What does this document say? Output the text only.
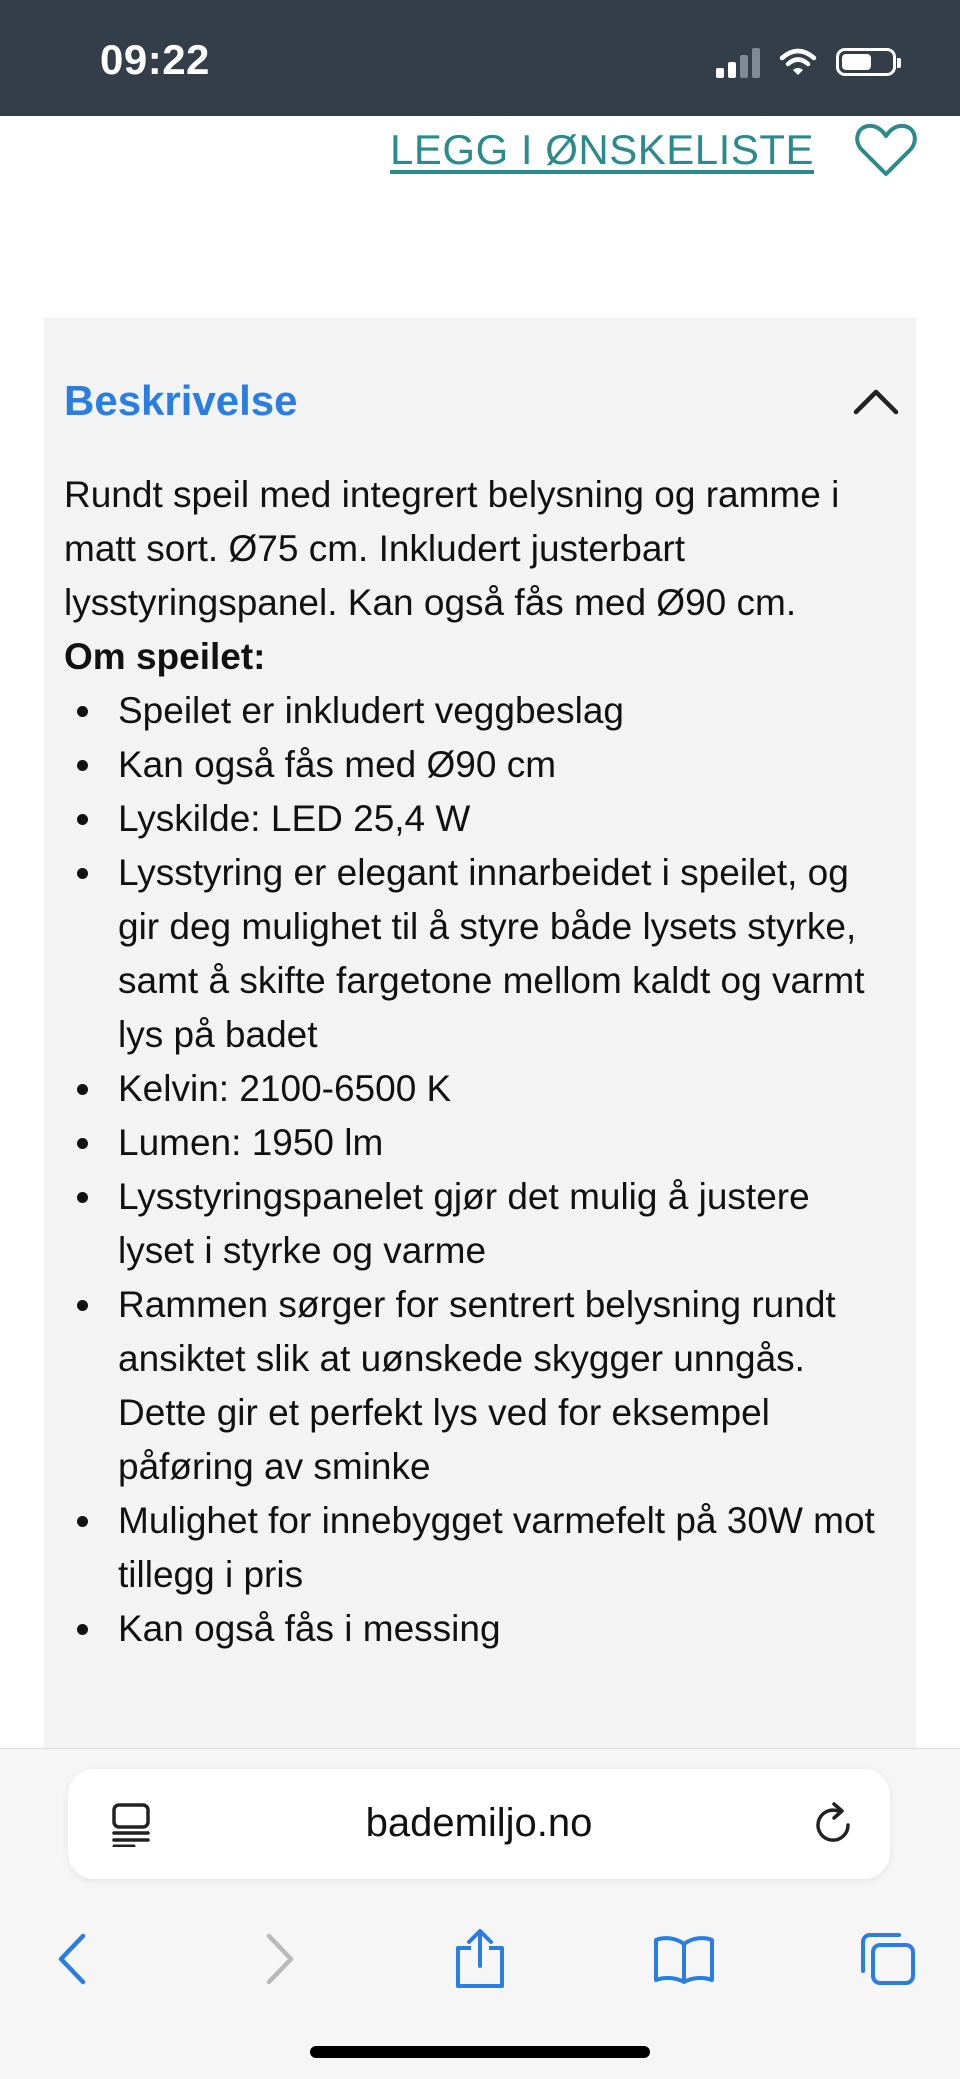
09:22
LEGG I ØNSKELISTE
Beskrivelse

Rundt speil med integrert belysning og ramme i matt sort. Ø75 cm. Inkludert justerbart lysstyringspanel. Kan også fås med Ø90 cm.

Om speilet:

Speilet er inkludert veggbeslag
Kan også fås med Ø90 cm
Lyskilde: LED 25,4 W
Lysstyring er elegant innarbeidet i speilet, og gir deg mulighet til å styre både lysets styrke, samt å skifte fargetone mellom kaldt og varmt lys på badet
Kelvin: 2100-6500 K
Lumen: 1950 lm
Lysstyringspanelet gjør det mulig å justere lyset i styrke og varme
Rammen sørger for sentrert belysning rundt ansiktet slik at uønskede skygger unngås. Dette gir et perfekt lys ved for eksempel påføring av sminke
Mulighet for innebygget varmefelt på 30W mot tillegg i pris
Kan også fås i messing
bademiljo.no
